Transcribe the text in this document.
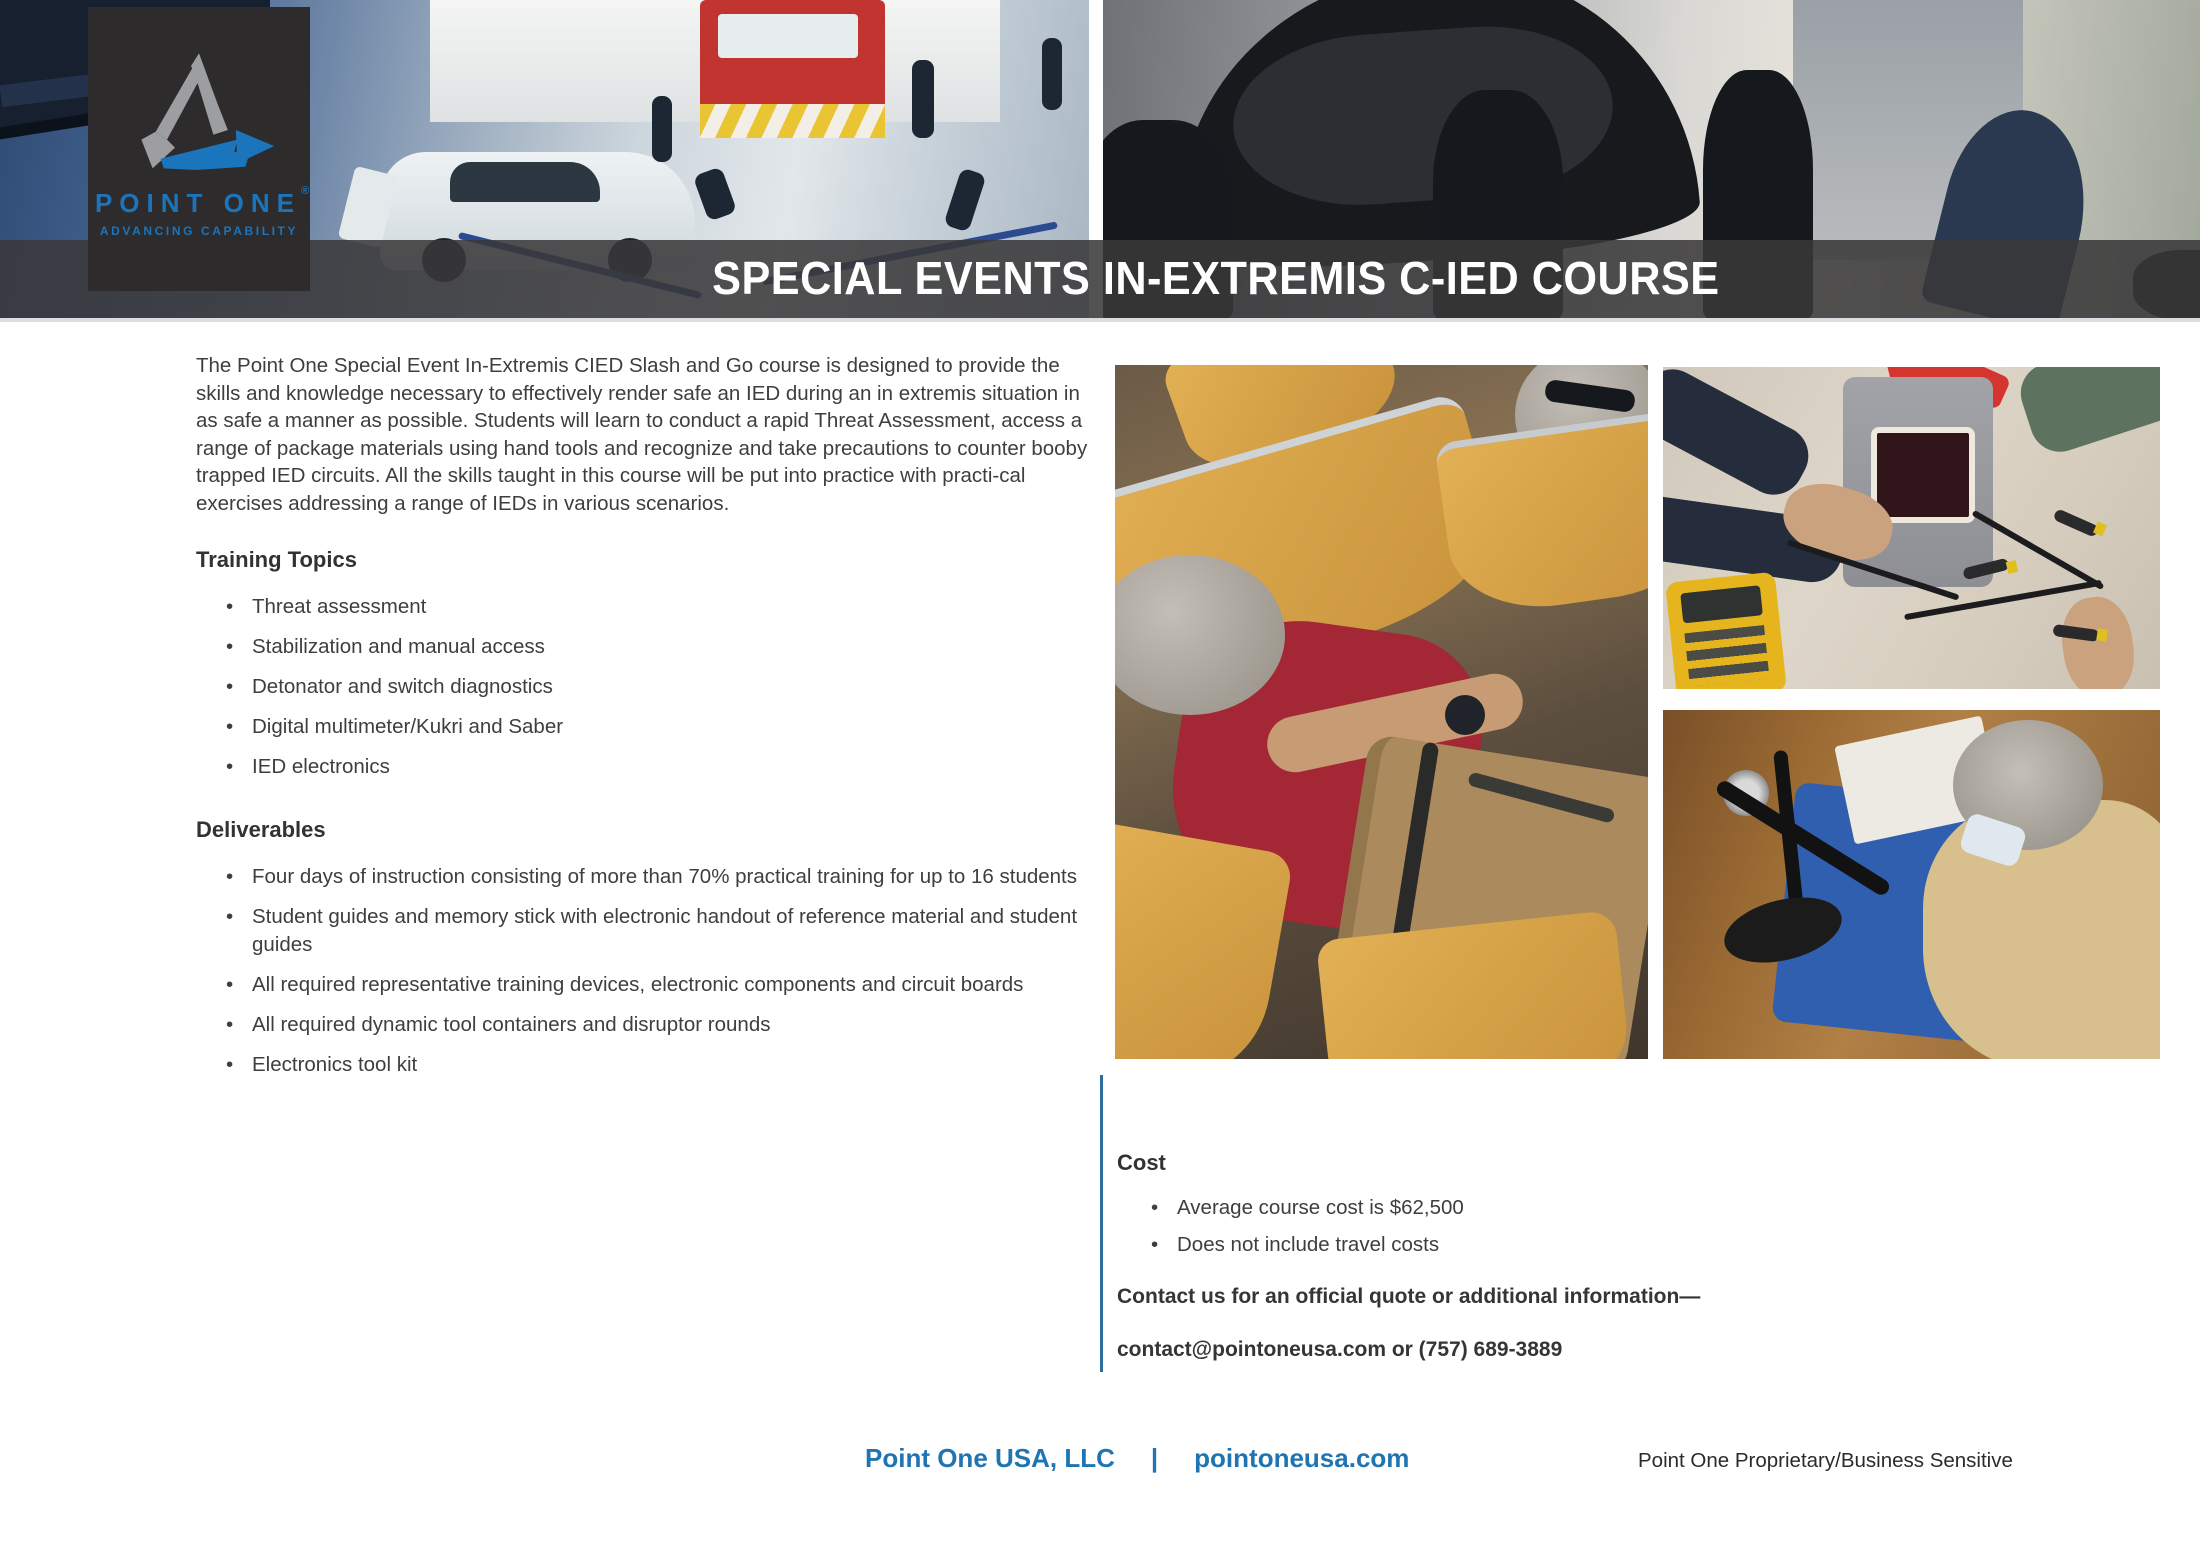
SPECIAL EVENTS IN-EXTREMIS C-IED COURSE
POINT ONE®
ADVANCING CAPABILITY

The Point One Special Event In-Extremis CIED Slash and Go course is designed to provide the skills and knowledge necessary to effectively render safe an IED during an in extremis situation in as safe a manner as possible. Students will learn to conduct a rapid Threat Assessment, access a range of package materials using hand tools and recognize and take precautions to counter booby trapped IED circuits. All the skills taught in this course will be put into practice with practi-cal exercises addressing a range of IEDs in various scenarios.

Training Topics
• Threat assessment
• Stabilization and manual access
• Detonator and switch diagnostics
• Digital multimeter/Kukri and Saber
• IED electronics
Deliverables
• Four days of instruction consisting of more than 70% practical training for up to 16 students
• Student guides and memory stick with electronic handout of reference material and student guides
• All required representative training devices, electronic components and circuit boards
• All required dynamic tool containers and disruptor rounds
• Electronics tool kit
Cost
• Average course cost is $62,500
• Does not include travel costs

Contact us for an official quote or additional information—

contact@pointoneusa.com or (757) 689-3889

Point One USA, LLC | pointoneusa.com	Point One Proprietary/Business Sensitive
